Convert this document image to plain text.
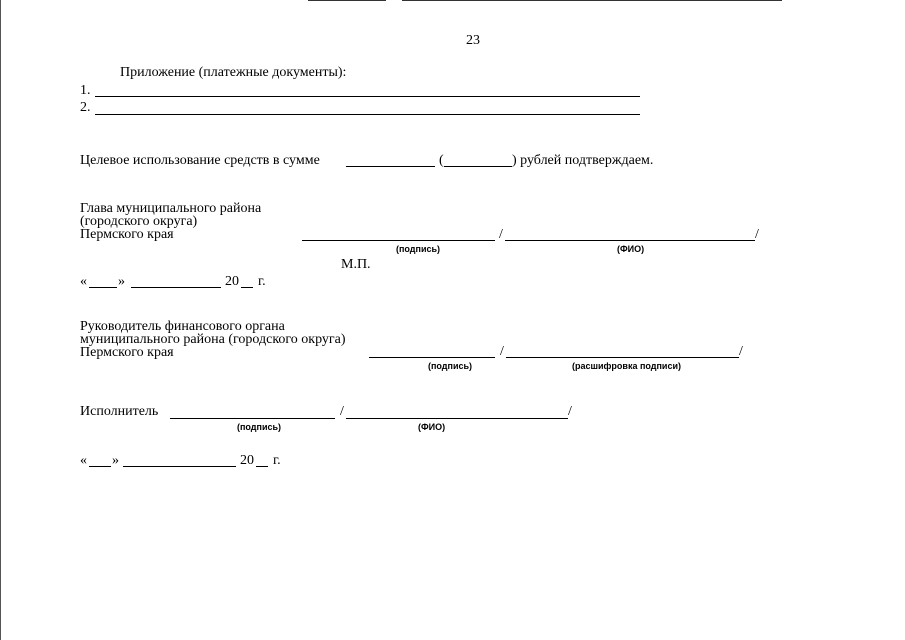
23
Приложение (платежные документы):
1.
2.
Целевое использование средств в сумме	(	) рублей подтверждаем.
Глава муниципального района
(городского округа)
Пермского края	/	/
(подпись)	(ФИО)
М.П.
« »	20 г.
Руководитель финансового органа
муниципального района (городского округа)
Пермского края	/	/
(подпись)	(расшифровка подписи)
Исполнитель	/	/
(подпись)	(ФИО)
« »	20 г.
